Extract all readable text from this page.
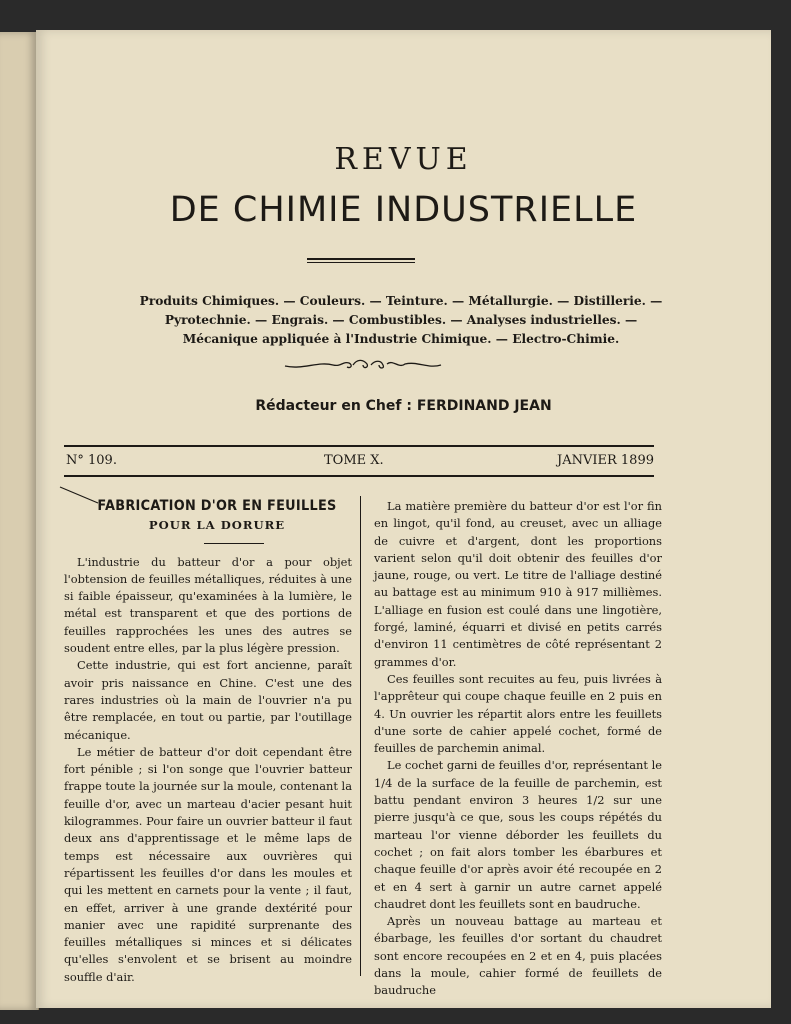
REVUE
DE CHIMIE INDUSTRIELLE
Produits Chimiques. — Couleurs. — Teinture. — Métallurgie. — Distillerie. —
Pyrotechnie. — Engrais. — Combustibles. — Analyses industrielles. —
Mécanique appliquée à l'Industrie Chimique. — Electro-Chimie.
Rédacteur en Chef : FERDINAND JEAN
N° 109.	TOME X.	JANVIER 1899
FABRICATION D'OR EN FEUILLES
POUR LA DORURE

L'industrie du batteur d'or a pour objet l'obtension de feuilles métalliques, réduites à une si faible épaisseur, qu'examinées à la lumière, le métal est transparent et que des portions de feuilles rapprochées les unes des autres se soudent entre elles, par la plus légère pression.

Cette industrie, qui est fort ancienne, paraît avoir pris naissance en Chine. C'est une des rares industries où la main de l'ouvrier n'a pu être remplacée, en tout ou partie, par l'outillage mécanique.

Le métier de batteur d'or doit cependant être fort pénible ; si l'on songe que l'ouvrier batteur frappe toute la journée sur la moule, contenant la feuille d'or, avec un marteau d'acier pesant huit kilogrammes. Pour faire un ouvrier batteur il faut deux ans d'apprentissage et le même laps de temps est nécessaire aux ouvrières qui répartissent les feuilles d'or dans les moules et qui les mettent en carnets pour la vente ; il faut, en effet, arriver à une grande dextérité pour manier avec une rapidité surprenante des feuilles métalliques si minces et si délicates qu'elles s'envolent et se brisent au moindre souffle d'air.

La matière première du batteur d'or est l'or fin en lingot, qu'il fond, au creuset, avec un alliage de cuivre et d'argent, dont les proportions varient selon qu'il doit obtenir des feuilles d'or jaune, rouge, ou vert. Le titre de l'alliage destiné au battage est au minimum 910 à 917 millièmes. L'alliage en fusion est coulé dans une lingotière, forgé, laminé, équarri et divisé en petits carrés d'environ 11 centimètres de côté représentant 2 grammes d'or.

Ces feuilles sont recuites au feu, puis livrées à l'apprêteur qui coupe chaque feuille en 2 puis en 4. Un ouvrier les répartit alors entre les feuillets d'une sorte de cahier appelé cochet, formé de feuilles de parchemin animal.

Le cochet garni de feuilles d'or, représentant le 1/4 de la surface de la feuille de parchemin, est battu pendant environ 3 heures 1/2 sur une pierre jusqu'à ce que, sous les coups répétés du marteau l'or vienne déborder les feuillets du cochet ; on fait alors tomber les ébarbures et chaque feuille d'or après avoir été recoupée en 2 et en 4 sert à garnir un autre carnet appelé chaudret dont les feuillets sont en baudruche.

Après un nouveau battage au marteau et ébarbage, les feuilles d'or sortant du chaudret sont encore recoupées en 2 et en 4, puis placées dans la moule, cahier formé de feuillets de baudruche
